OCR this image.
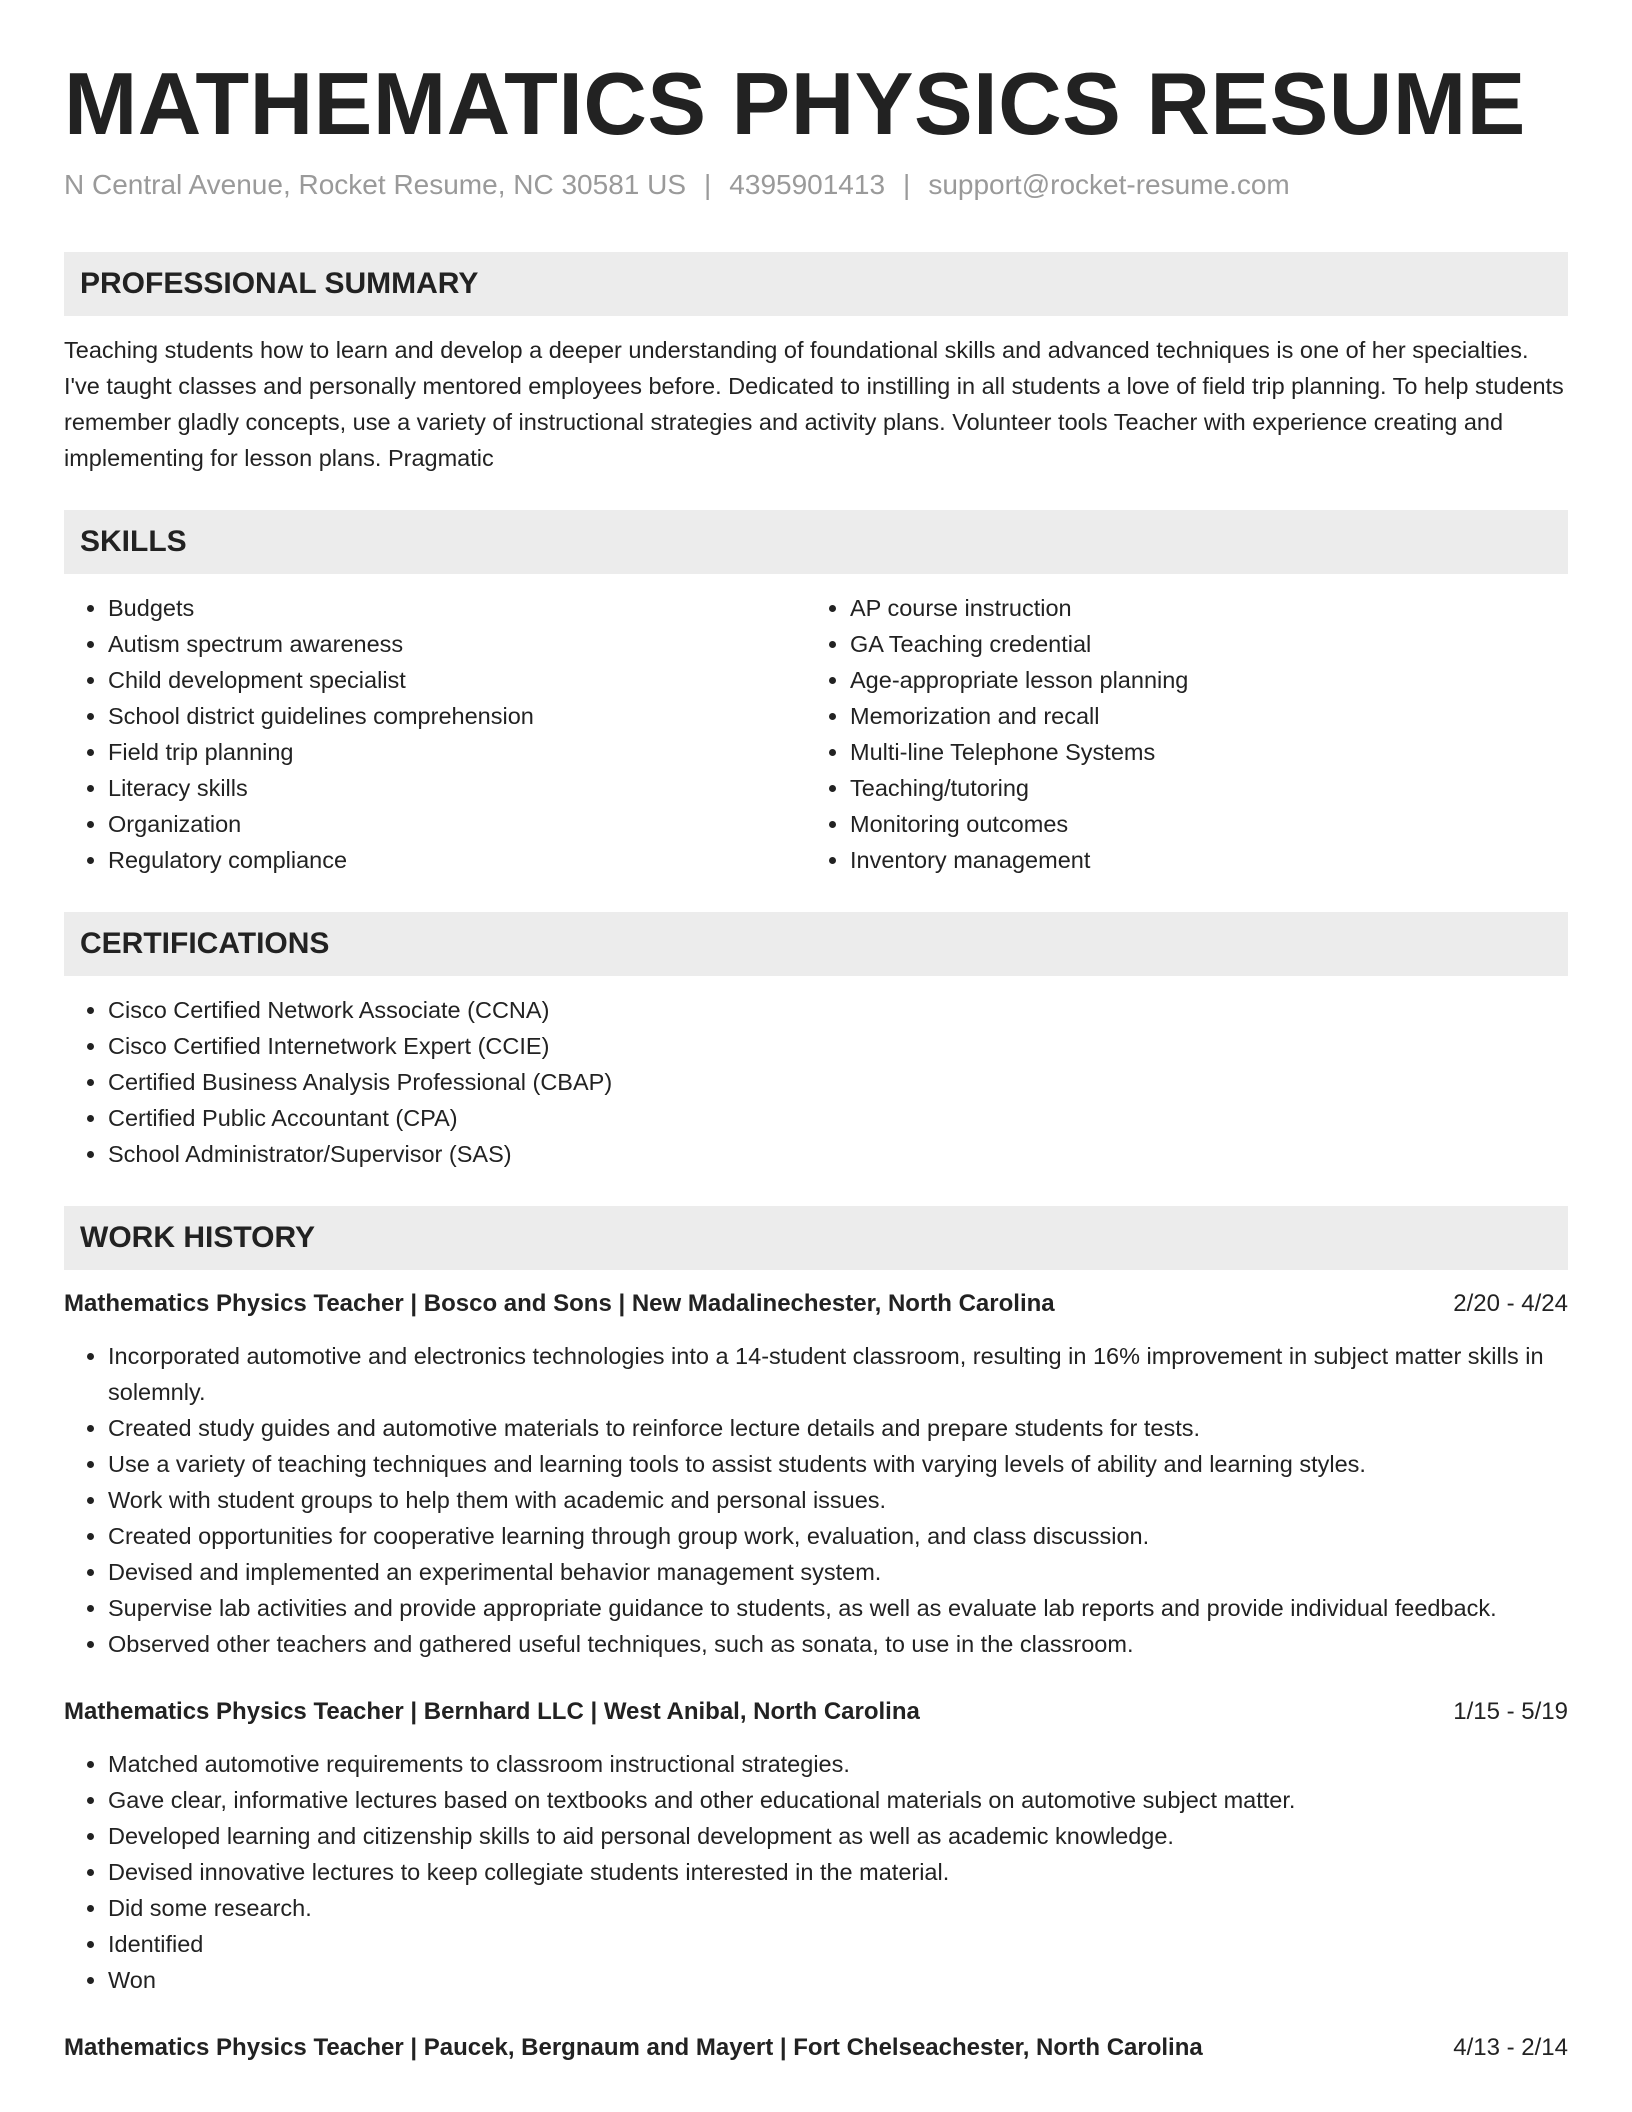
MATHEMATICS PHYSICS RESUME
N Central Avenue, Rocket Resume, NC 30581 US | 4395901413 | support@rocket-resume.com
PROFESSIONAL SUMMARY
Teaching students how to learn and develop a deeper understanding of foundational skills and advanced techniques is one of her specialties. I've taught classes and personally mentored employees before. Dedicated to instilling in all students a love of field trip planning. To help students remember gladly concepts, use a variety of instructional strategies and activity plans. Volunteer tools Teacher with experience creating and implementing for lesson plans. Pragmatic
SKILLS
• Budgets
• Autism spectrum awareness
• Child development specialist
• School district guidelines comprehension
• Field trip planning
• Literacy skills
• Organization
• Regulatory compliance
• AP course instruction
• GA Teaching credential
• Age-appropriate lesson planning
• Memorization and recall
• Multi-line Telephone Systems
• Teaching/tutoring
• Monitoring outcomes
• Inventory management
CERTIFICATIONS
• Cisco Certified Network Associate (CCNA)
• Cisco Certified Internetwork Expert (CCIE)
• Certified Business Analysis Professional (CBAP)
• Certified Public Accountant (CPA)
• School Administrator/Supervisor (SAS)
WORK HISTORY
Mathematics Physics Teacher | Bosco and Sons | New Madalinechester, North Carolina	2/20 - 4/24
• Incorporated automotive and electronics technologies into a 14-student classroom, resulting in 16% improvement in subject matter skills in solemnly.
• Created study guides and automotive materials to reinforce lecture details and prepare students for tests.
• Use a variety of teaching techniques and learning tools to assist students with varying levels of ability and learning styles.
• Work with student groups to help them with academic and personal issues.
• Created opportunities for cooperative learning through group work, evaluation, and class discussion.
• Devised and implemented an experimental behavior management system.
• Supervise lab activities and provide appropriate guidance to students, as well as evaluate lab reports and provide individual feedback.
• Observed other teachers and gathered useful techniques, such as sonata, to use in the classroom.
Mathematics Physics Teacher | Bernhard LLC | West Anibal, North Carolina	1/15 - 5/19
• Matched automotive requirements to classroom instructional strategies.
• Gave clear, informative lectures based on textbooks and other educational materials on automotive subject matter.
• Developed learning and citizenship skills to aid personal development as well as academic knowledge.
• Devised innovative lectures to keep collegiate students interested in the material.
• Did some research.
• Identified
• Won
Mathematics Physics Teacher | Paucek, Bergnaum and Mayert | Fort Chelseachester, North Carolina	4/13 - 2/14
